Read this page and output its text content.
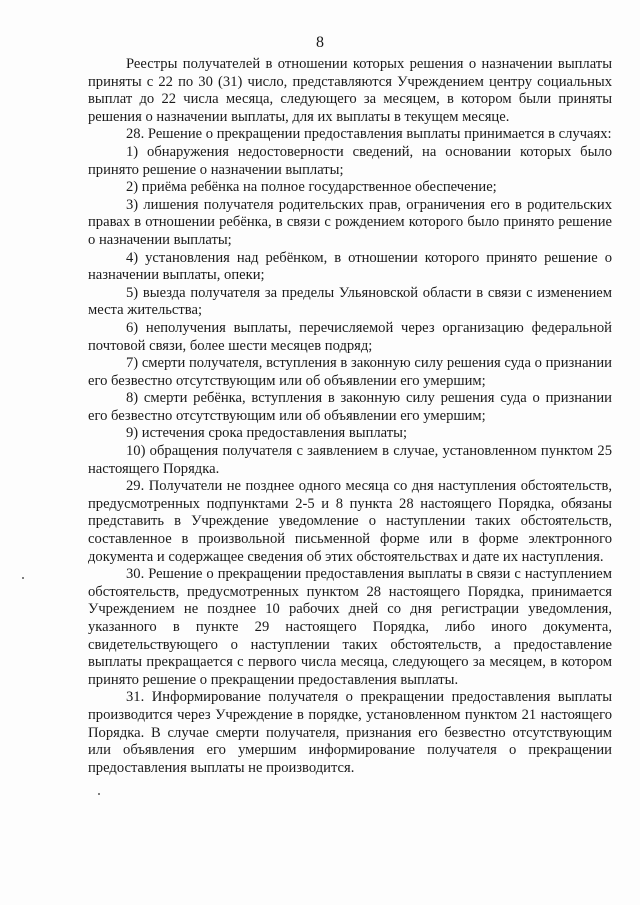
8

Реестры получателей в отношении которых решения о назначении выплаты приняты с 22 по 30 (31) число, представляются Учреждением центру социальных выплат до 22 числа месяца, следующего за месяцем, в котором были приняты решения о назначении выплаты, для их выплаты в текущем месяце.

28. Решение о прекращении предоставления выплаты принимается в случаях:

1) обнаружения недостоверности сведений, на основании которых было принято решение о назначении выплаты;

2) приёма ребёнка на полное государственное обеспечение;

3) лишения получателя родительских прав, ограничения его в родительских правах в отношении ребёнка, в связи с рождением которого было принято решение о назначении выплаты;

4) установления над ребёнком, в отношении которого принято решение о назначении выплаты, опеки;

5) выезда получателя за пределы Ульяновской области в связи с изменением места жительства;

6) неполучения выплаты, перечисляемой через организацию федеральной почтовой связи, более шести месяцев подряд;

7) смерти получателя, вступления в законную силу решения суда о признании его безвестно отсутствующим или об объявлении его умершим;

8) смерти ребёнка, вступления в законную силу решения суда о признании его безвестно отсутствующим или об объявлении его умершим;

9) истечения срока предоставления выплаты;

10) обращения получателя с заявлением в случае, установленном пунктом 25 настоящего Порядка.

29. Получатели не позднее одного месяца со дня наступления обстоятельств, предусмотренных подпунктами 2-5 и 8 пункта 28 настоящего Порядка, обязаны представить в Учреждение уведомление о наступлении таких обстоятельств, составленное в произвольной письменной форме или в форме электронного документа и содержащее сведения об этих обстоятельствах и дате их наступления.

30. Решение о прекращении предоставления выплаты в связи с наступлением обстоятельств, предусмотренных пунктом 28 настоящего Порядка, принимается Учреждением не позднее 10 рабочих дней со дня регистрации уведомления, указанного в пункте 29 настоящего Порядка, либо иного документа, свидетельствующего о наступлении таких обстоятельств, а предоставление выплаты прекращается с первого числа месяца, следующего за месяцем, в котором принято решение о прекращении предоставления выплаты.

31. Информирование получателя о прекращении предоставления выплаты производится через Учреждение в порядке, установленном пунктом 21 настоящего Порядка. В случае смерти получателя, признания его безвестно отсутствующим или объявления его умершим информирование получателя о прекращении предоставления выплаты не производится.
